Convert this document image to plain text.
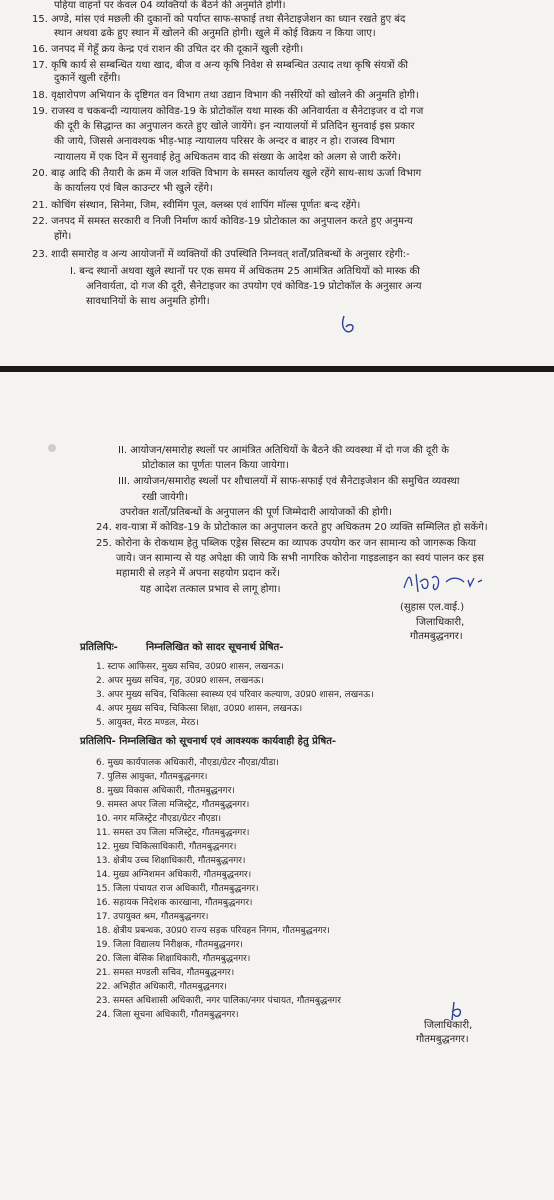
पहिया वाहनों पर केवल 04 व्यक्तियों के बैठने की अनुमति होगी।
15. अण्डे, मांस एवं मछली की दुकानों को पर्याप्त साफ-सफाई तथा सैनेटाइजेशन का ध्यान रखते हुए बंद
स्थान अथवा ढके हुए स्थान में खोलने की अनुमति होगी। खुले में कोई विक्रय न किया जाए।
16. जनपद में गेहूँ क्रय केन्द्र एवं राशन की उचित दर की दूकानें खुली रहेगी।
17. कृषि कार्य से सम्बन्धित यथा खाद, बीज व अन्य कृषि निवेश से सम्बन्धित उत्पाद तथा कृषि संयत्रों की
दुकानें खुली रहेंगी।
18. वृक्षारोपण अभियान के दृष्टिगत वन विभाग तथा उद्यान विभाग की नर्सरियों को खोलने की अनुमति होगी।
19. राजस्व व चकबन्दी न्यायालय कोविड-19 के प्रोटोकॉल यथा मास्क की अनिवार्यता व सैनेटाइजर व दो गज
की दूरी के सिद्धान्त का अनुपालन करते हुए खोले जायेंगे। इन न्यायालयों में प्रतिदिन सुनवाई इस प्रकार
की जाये, जिससे अनावश्यक भीड़-भाड़ न्यायालय परिसर के अन्दर व बाहर न हो। राजस्व विभाग
न्यायालय में एक दिन में सुनवाई हेतु अधिकतम वाद की संख्या के आदेश को अलग से जारी करेंगे।
20. बाढ़ आदि की तैयारी के क्रम में जल शक्ति विभाग के समस्त कार्यालय खुले रहेंगे साथ-साथ ऊर्जा विभाग
के कार्यालय एवं बिल काउन्टर भी खुले रहेंगे।
21. कोचिंग संस्थान, सिनेमा, जिम, स्वीमिंग पूल, क्लब्स एवं शापिंग मॉल्स पूर्णतः बन्द रहेंगे।
22. जनपद में समस्त सरकारी व निजी निर्माण कार्य कोविड-19 प्रोटोकाल का अनुपालन करते हुए अनुमन्य
होंगे।
23. शादी समारोह व अन्य आयोजनों में व्यक्तियों की उपस्थिति निम्नवत् शर्तों/प्रतिबन्धों के अनुसार रहेगी:-
I. बन्द स्थानों अथवा खुले स्थानों पर एक समय में अधिकतम 25 आमंत्रित अतिथियों को मास्क की
अनिवार्यता, दो गज की दूरी, सैनेटाइजर का उपयोग एवं कोविड-19 प्रोटोकॉल के अनुसार अन्य
सावधानियों के साथ अनुमति होगी।
II. आयोजन/समारोह स्थलों पर आमंत्रित अतिथियों के बैठने की व्यवस्था में दो गज की दूरी के
प्रोटोकाल का पूर्णतः पालन किया जायेगा।
III. आयोजन/समारोह स्थलों पर शौचालयों में साफ-सफाई एवं सैनेटाइजेशन की समुचित व्यवस्था
रखी जायेगी।
उपरोक्त शर्तों/प्रतिबन्धों के अनुपालन की पूर्ण जिम्मेदारी आयोजकों की होगी।
24. शव-यात्रा में कोविड-19 के प्रोटोकाल का अनुपालन करते हुए अधिकतम 20 व्यक्ति सम्मिलित हो सकेंगे।
25. कोरोना के रोकथाम हेतु पब्लिक एड्रेस सिस्टम का व्यापक उपयोग कर जन सामान्य को जागरूक किया
जाये। जन सामान्य से यह अपेक्षा की जाये कि सभी नागरिक कोरोना गाइडलाइन का स्वयं पालन कर इस
महामारी से लड़ने में अपना सहयोग प्रदान करें।
यह आदेश तत्काल प्रभाव से लागू होगा।
(सुहास एल.वाई.)
जिलाधिकारी,
गौतमबुद्धनगर।
प्रतिलिपिः-	निम्नलिखित को सादर सूचनार्थ प्रेषित-
1. स्टाफ आफिसर, मुख्य सचिव, उ0प्र0 शासन, लखनऊ।
2. अपर मुख्य सचिव, गृह, उ0प्र0 शासन, लखनऊ।
3. अपर मुख्य सचिव, चिकित्सा स्वास्थ्य एवं परिवार कल्याण, उ0प्र0 शासन, लखनऊ।
4. अपर मुख्य सचिव, चिकित्सा शिक्षा, उ0प्र0 शासन, लखनऊ।
5. आयुक्त, मेरठ मण्डल, मेरठ।
प्रतिलिपि- निम्नलिखित को सूचनार्थ एवं आवश्यक कार्यवाही हेतु प्रेषित-
6. मुख्य कार्यपालक अधिकारी, नौएडा/ग्रेटर नौएडा/यीडा।
7. पुलिस आयुक्त, गौतमबुद्धनगर।
8. मुख्य विकास अधिकारी, गौतमबुद्धनगर।
9. समस्त अपर जिला मजिस्ट्रेट, गौतमबुद्धनगर।
10. नगर मजिस्ट्रेट नौएडा/ग्रेटर नौएडा।
11. समस्त उप जिला मजिस्ट्रेट, गौतमबुद्धनगर।
12. मुख्य चिकित्साधिकारी, गौतमबुद्धनगर।
13. क्षेत्रीय उच्च शिक्षाधिकारी, गौतमबुद्धनगर।
14. मुख्य अग्निशमन अधिकारी, गौतमबुद्धनगर।
15. जिला पंचायत राज अधिकारी, गौतमबुद्धनगर।
16. सहायक निदेशक कारखाना, गौतमबुद्धनगर।
17. उपायुक्त श्रम, गौतमबुद्धनगर।
18. क्षेत्रीय प्रबन्धक, उ0प्र0 राज्य सड़क परिवहन निगम, गौतमबुद्धनगर।
19. जिला विद्यालय निरीक्षक, गौतमबुद्धनगर।
20. जिला बेसिक शिक्षाधिकारी, गौतमबुद्धनगर।
21. समस्त मण्डली सचिव, गौतमबुद्धनगर।
22. अभिहीत अधिकारी, गौतमबुद्धनगर।
23. समस्त अधिशासी अधिकारी, नगर पालिका/नगर पंचायत, गौतमबुद्धनगर
24. जिला सूचना अधिकारी, गौतमबुद्धनगर।
जिलाधिकारी,
गौतमबुद्धनगर।
